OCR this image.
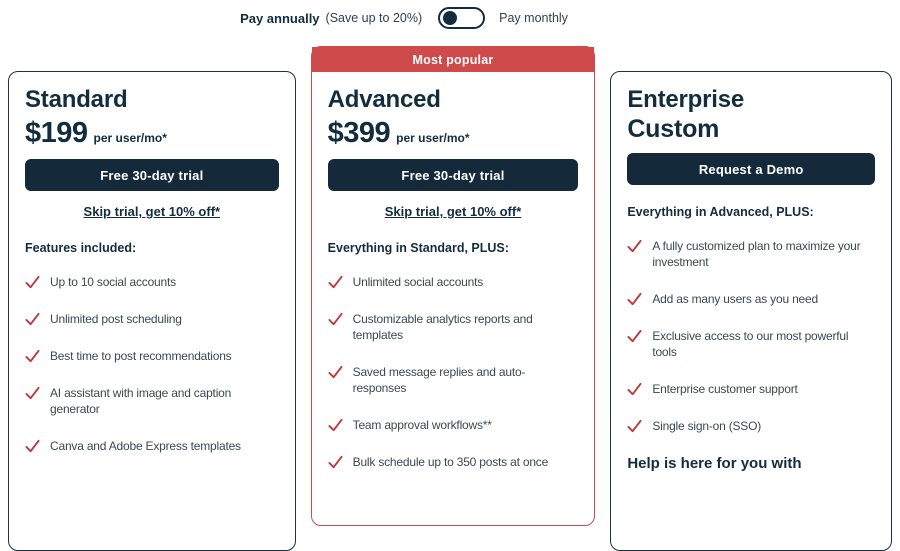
Pay annually (Save up to 20%)	Pay monthly
Standard
$199 per user/mo*
Free 30-day trial
Skip trial, get 10% off*
Features included:
Up to 10 social accounts
Unlimited post scheduling
Best time to post recommendations
AI assistant with image and caption generator
Canva and Adobe Express templates
Most popular
Advanced
$399 per user/mo*
Free 30-day trial
Skip trial, get 10% off*
Everything in Standard, PLUS:
Unlimited social accounts
Customizable analytics reports and templates
Saved message replies and auto-responses
Team approval workflows**
Bulk schedule up to 350 posts at once
Enterprise
Custom
Request a Demo
Everything in Advanced, PLUS:
A fully customized plan to maximize your investment
Add as many users as you need
Exclusive access to our most powerful tools
Enterprise customer support
Single sign-on (SSO)
Help is here for you with
